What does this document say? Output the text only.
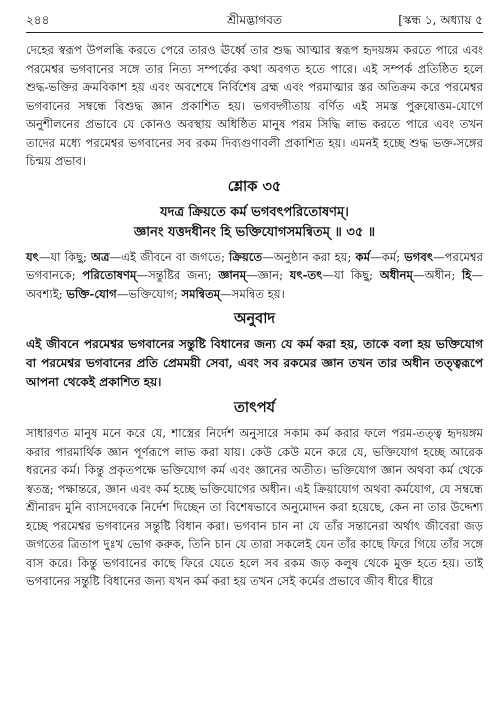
২৪৪	শ্রীমদ্ভাগবত	[স্কন্ধ ১, অধ্যায় ৫

দেহের স্বরূপ উপলব্ধি করতে পেরে তারও ঊর্ধ্বে তার শুদ্ধ আত্মার স্বরূপ হৃদয়ঙ্গম করতে পারে এবং পরমেশ্বর ভগবানের সঙ্গে তার নিত্য সম্পর্কের কথা অবগত হতে পারে। এই সম্পর্ক প্রতিষ্ঠিত হলে শুদ্ধ-ভক্তির ক্রমবিকাশ হয় এবং অবশেষে নির্বিশেষ ব্রহ্ম এবং পরমাত্মার স্তর অতিক্রম করে পরমেশ্বর ভগবানের সম্বন্ধে বিশুদ্ধ জ্ঞান প্রকাশিত হয়। ভগবদ্গীতায় বর্ণিত এই সমস্ত পুরুষোত্তম-যোগে অনুশীলনের প্রভাবে যে কোনও অবস্থায় অধিষ্ঠিত মানুষ পরম সিদ্ধি লাভ করতে পারে এবং তখন তাদের মধ্যে পরমেশ্বর ভগবানের সব রকম দিব্যগুণাবলী প্রকাশিত হয়। এমনই হচ্ছে শুদ্ধ ভক্ত-সঙ্গের চিন্ময় প্রভাব।

শ্লোক ৩৫
যদত্র ক্রিয়তে কর্ম ভগবৎপরিতোষণম্‌।
জ্ঞানং যত্তদধীনং হি ভক্তিযোগসমন্বিতম্‌ ॥ ৩৫ ॥

যৎ—যা কিছু; অত্র—এই জীবনে বা জগতে; ক্রিয়তে—অনুষ্ঠান করা হয়; কর্ম—কর্ম; ভগবৎ—পরমেশ্বর ভগবানকে; পরিতোষণম্—সন্তুষ্টির জন্য; জ্ঞানম্—জ্ঞান; যৎ-তৎ—যা কিছু; অধীনম্—অধীন; হি—অবশ্যই; ভক্তি-যোগ—ভক্তিযোগ; সমন্বিতম্—সমন্বিত হয়।

অনুবাদ

এই জীবনে পরমেশ্বর ভগবানের সন্তুষ্টি বিধানের জন্য যে কর্ম করা হয়, তাকে বলা হয় ভক্তিযোগ বা পরমেশ্বর ভগবানের প্রতি প্রেমময়ী সেবা, এবং সব রকমের জ্ঞান তখন তার অধীন তত্ত্বরূপে আপনা থেকেই প্রকাশিত হয়।

তাৎপর্য

সাধারণত মানুষ মনে করে যে, শাস্ত্রের নির্দেশ অনুসারে সকাম কর্ম করার ফলে পরম-তত্ত্ব হৃদয়ঙ্গম করার পারমার্থিক জ্ঞান পূর্ণরূপে লাভ করা যায়। কেউ কেউ মনে করে যে, ভক্তিযোগ হচ্ছে আরেক ধরনের কর্ম। কিন্তু প্রকৃতপক্ষে ভক্তিযোগ কর্ম এবং জ্ঞানের অতীত। ভক্তিযোগ জ্ঞান অথবা কর্ম থেকে স্বতন্ত্র; পক্ষান্তরে, জ্ঞান এবং কর্ম হচ্ছে ভক্তিযোগের অধীন। এই ক্রিয়াযোগ অথবা কর্মযোগ, যে সম্বন্ধে শ্রীনারদ মুনি ব্যাসদেবকে নির্দেশ দিচ্ছেন তা বিশেষভাবে অনুমোদন করা হয়েছে, কেন না তার উদ্দেশ্য হচ্ছে পরমেশ্বর ভগবানের সন্তুষ্টি বিধান করা। ভগবান চান না যে তাঁর সন্তানেরা অর্থাৎ জীবেরা জড় জগতের ত্রিতাপ দুঃখ ভোগ করুক, তিনি চান যে তারা সকলেই যেন তাঁর কাছে ফিরে গিয়ে তাঁর সঙ্গে বাস করে। কিন্তু ভগবানের কাছে ফিরে যেতে হলে সব রকম জড় কলুষ থেকে মুক্ত হতে হয়। তাই ভগবানের সন্তুষ্টি বিধানের জন্য যখন কর্ম করা হয় তখন সেই কর্মের প্রভাবে জীব ধীরে ধীরে
